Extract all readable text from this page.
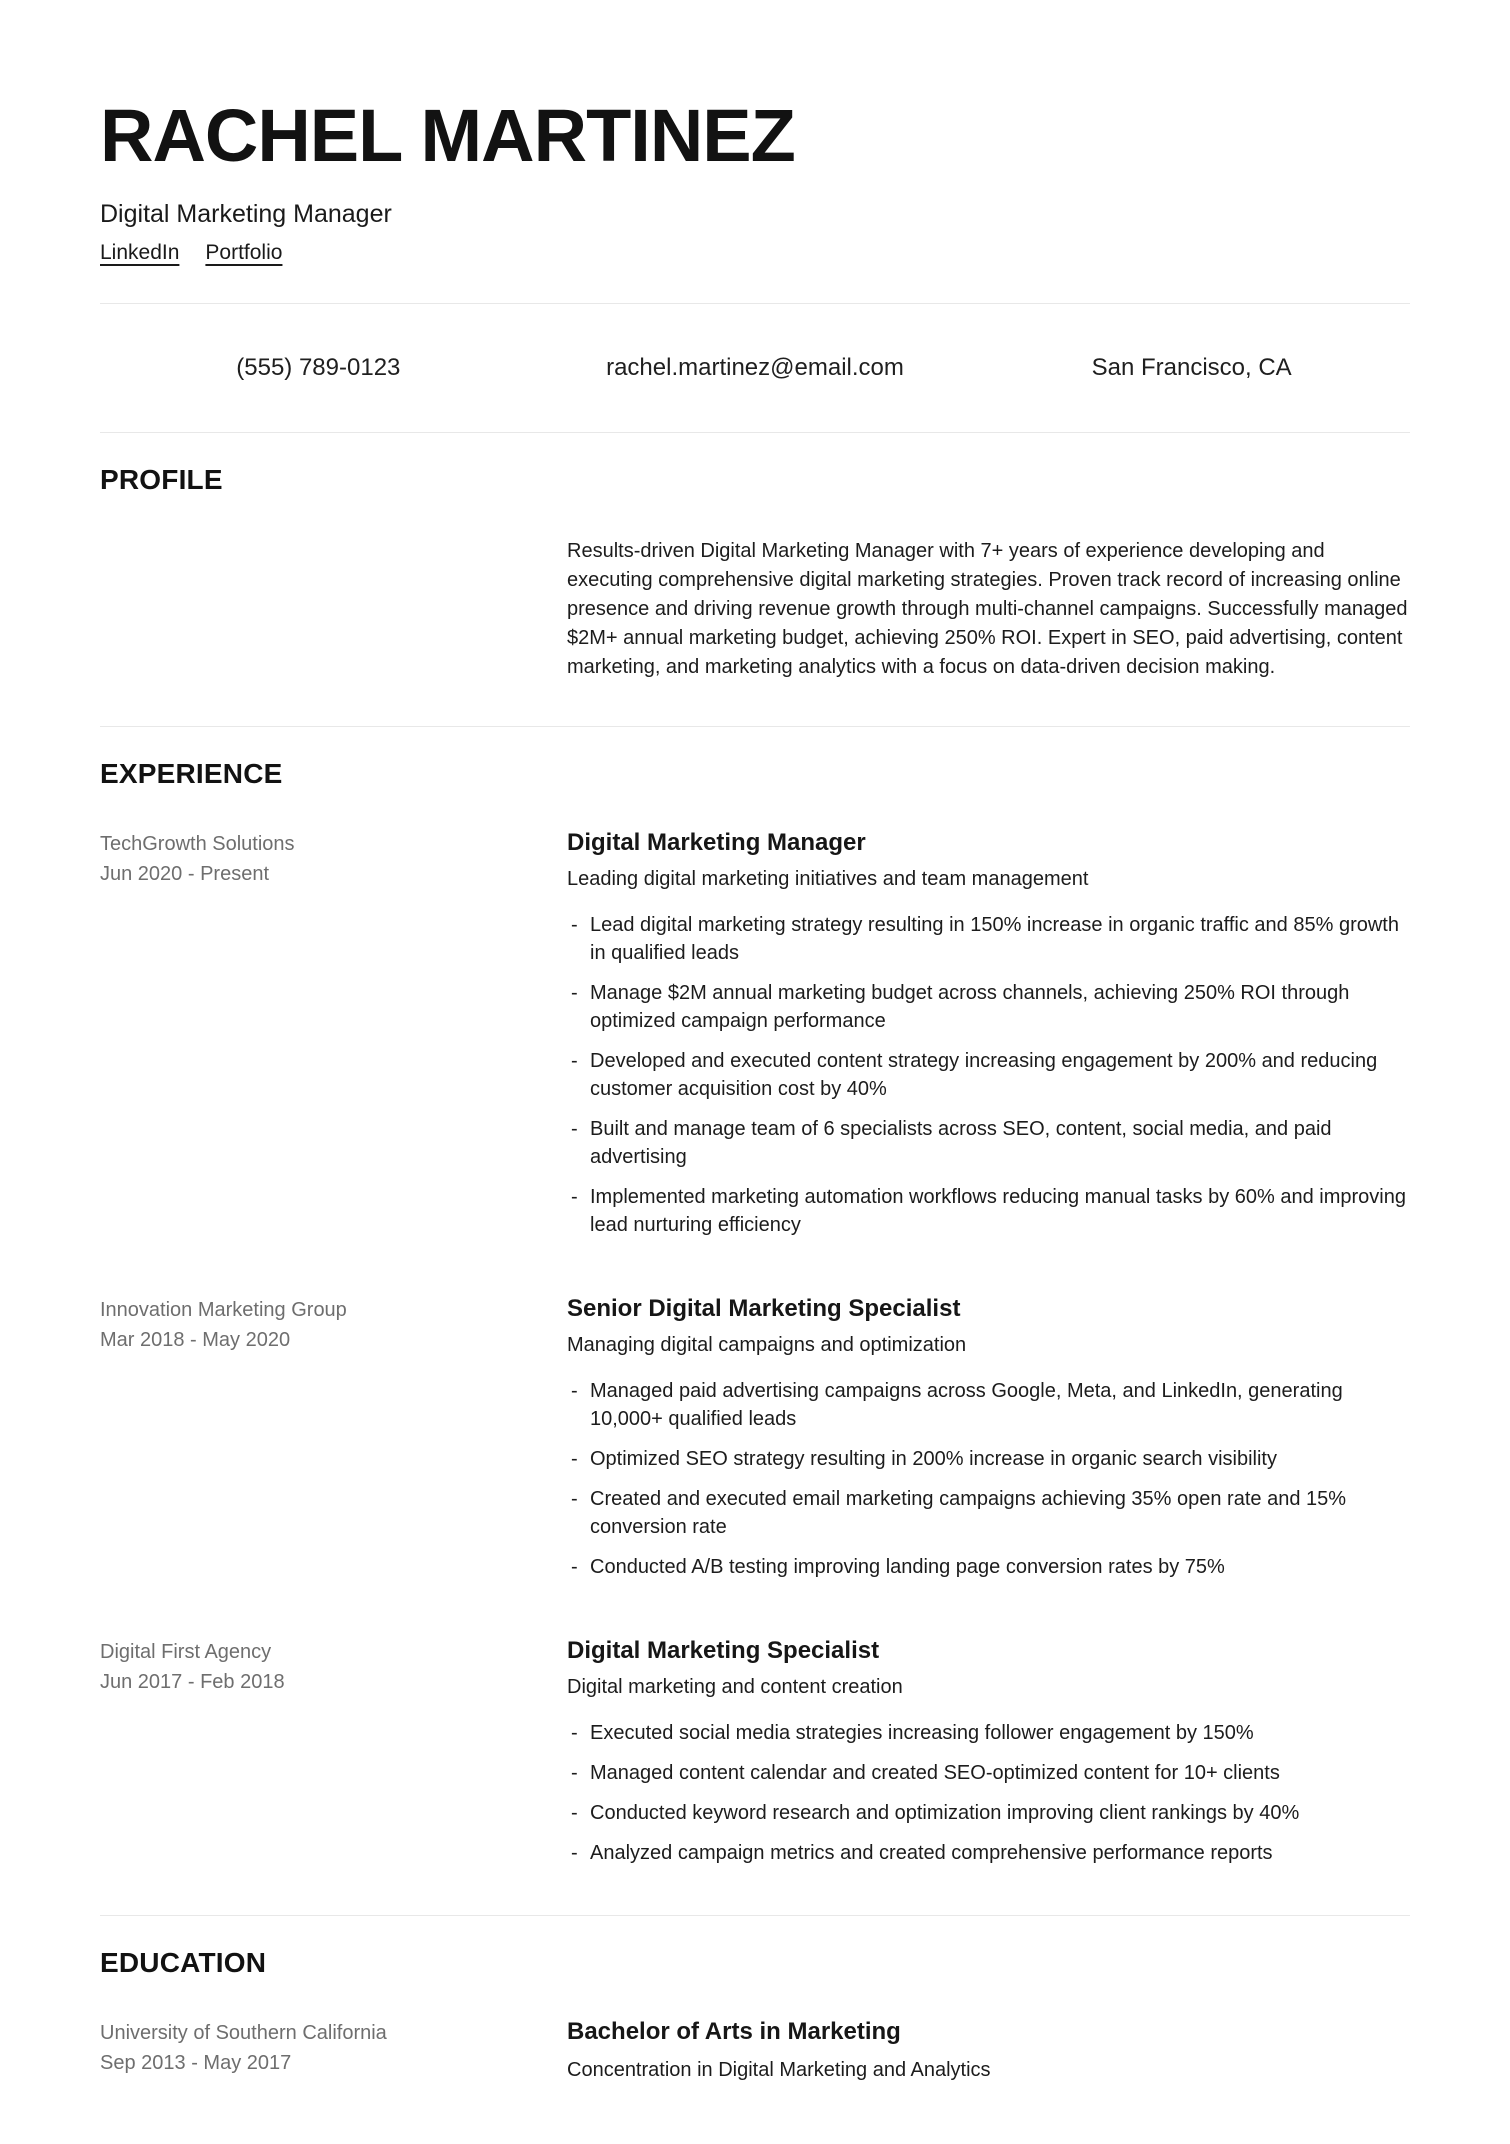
RACHEL MARTINEZ
Digital Marketing Manager
LinkedIn Portfolio
(555) 789-0123	rachel.martinez@email.com	San Francisco, CA
PROFILE

Results-driven Digital Marketing Manager with 7+ years of experience developing and executing comprehensive digital marketing strategies. Proven track record of increasing online presence and driving revenue growth through multi-channel campaigns. Successfully managed $2M+ annual marketing budget, achieving 250% ROI. Expert in SEO, paid advertising, content marketing, and marketing analytics with a focus on data-driven decision making.

EXPERIENCE
TechGrowth Solutions
Jun 2020 - Present
Digital Marketing Manager
Leading digital marketing initiatives and team management
- Lead digital marketing strategy resulting in 150% increase in organic traffic and 85% growth in qualified leads
- Manage $2M annual marketing budget across channels, achieving 250% ROI through optimized campaign performance
- Developed and executed content strategy increasing engagement by 200% and reducing customer acquisition cost by 40%
- Built and manage team of 6 specialists across SEO, content, social media, and paid advertising
- Implemented marketing automation workflows reducing manual tasks by 60% and improving lead nurturing efficiency
Innovation Marketing Group
Mar 2018 - May 2020
Senior Digital Marketing Specialist
Managing digital campaigns and optimization
- Managed paid advertising campaigns across Google, Meta, and LinkedIn, generating 10,000+ qualified leads
- Optimized SEO strategy resulting in 200% increase in organic search visibility
- Created and executed email marketing campaigns achieving 35% open rate and 15% conversion rate
- Conducted A/B testing improving landing page conversion rates by 75%
Digital First Agency
Jun 2017 - Feb 2018
Digital Marketing Specialist
Digital marketing and content creation
- Executed social media strategies increasing follower engagement by 150%
- Managed content calendar and created SEO-optimized content for 10+ clients
- Conducted keyword research and optimization improving client rankings by 40%
- Analyzed campaign metrics and created comprehensive performance reports
EDUCATION
University of Southern California
Sep 2013 - May 2017
Bachelor of Arts in Marketing
Concentration in Digital Marketing and Analytics
